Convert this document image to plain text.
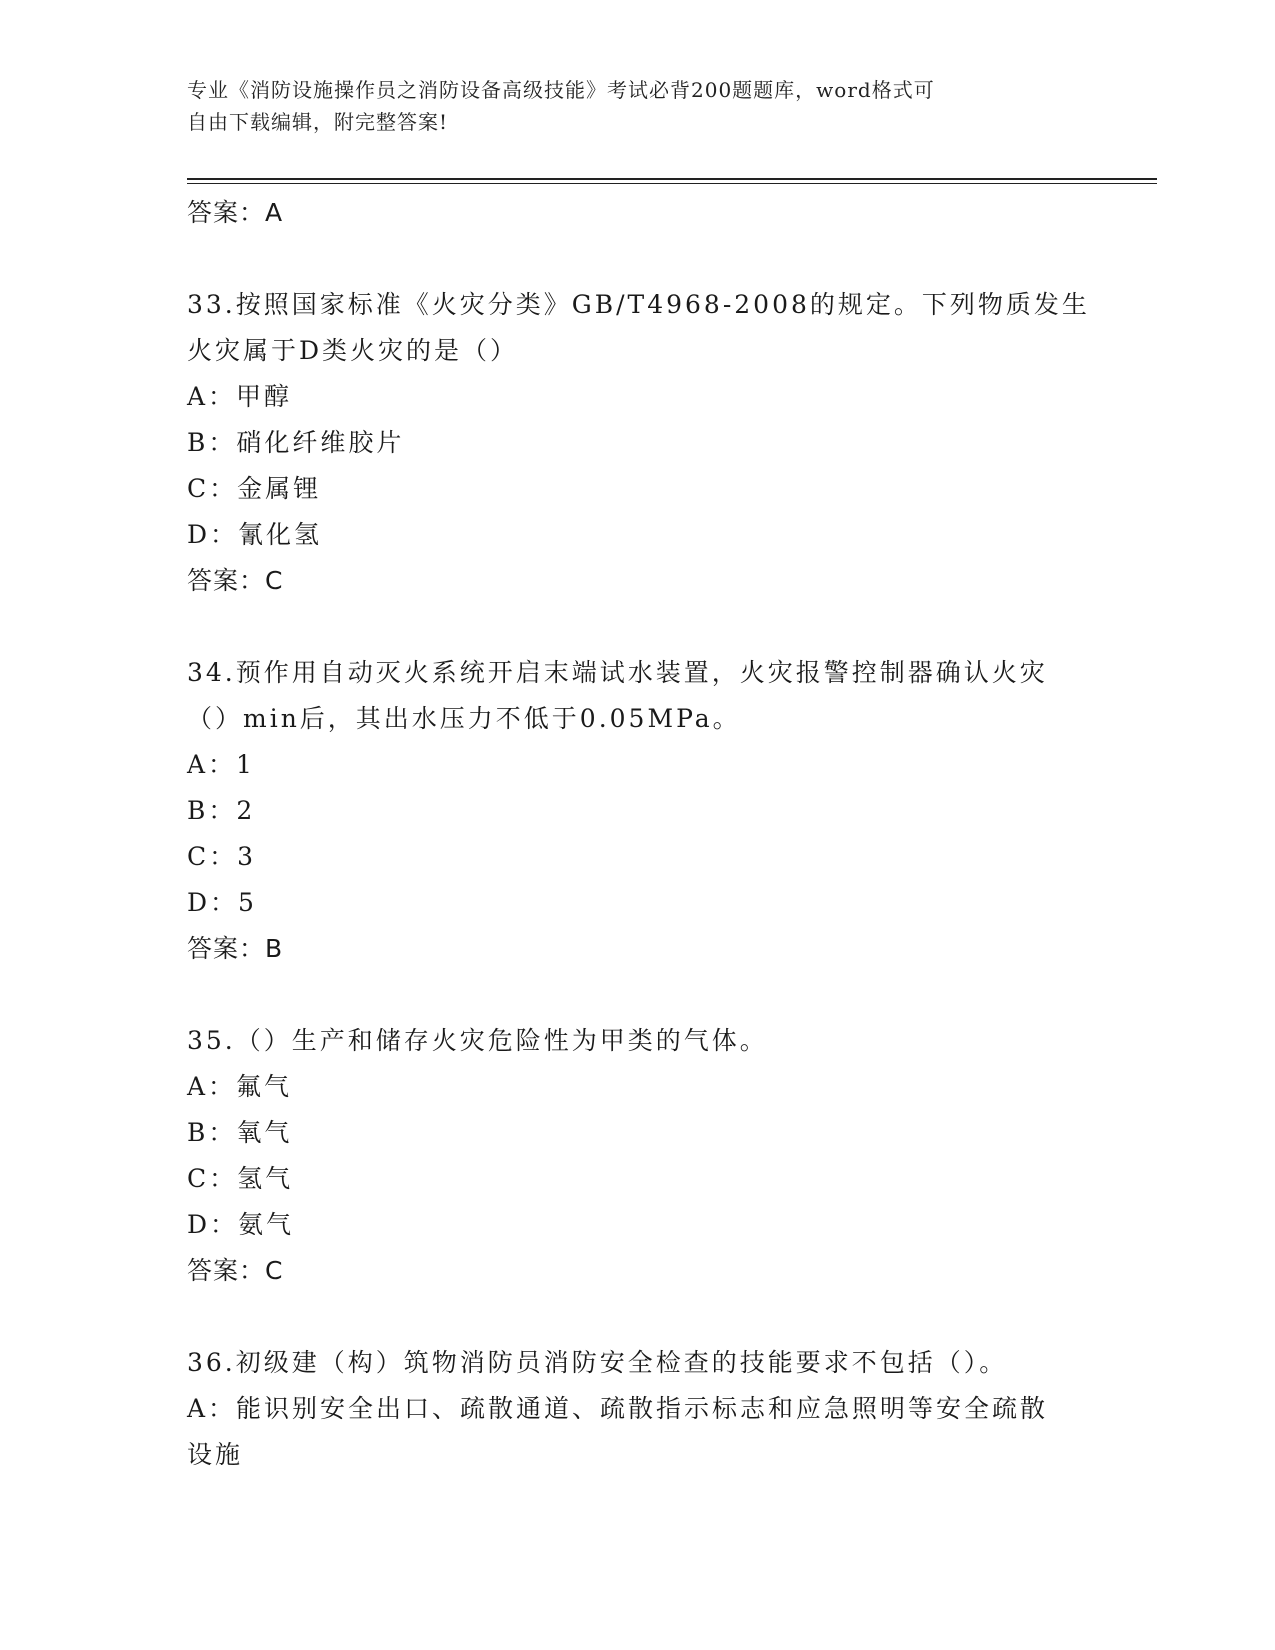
专业《消防设施操作员之消防设备高级技能》考试必背200题题库，word格式可
自由下载编辑，附完整答案!

答案：A

33.按照国家标准《火灾分类》GB/T4968-2008的规定。下列物质发生

火灾属于D类火灾的是（）

A：甲醇

B：硝化纤维胶片

C：金属锂

D：氰化氢

答案：C

34.预作用自动灭火系统开启末端试水装置，火灾报警控制器确认火灾

（）min后，其出水压力不低于0.05MPa。

A：1

B：2

C：3

D：5

答案：B

35.（）生产和储存火灾危险性为甲类的气体。

A：氟气

B：氧气

C：氢气

D：氨气

答案：C

36.初级建（构）筑物消防员消防安全检查的技能要求不包括（）。

A：能识别安全出口、疏散通道、疏散指示标志和应急照明等安全疏散

设施
